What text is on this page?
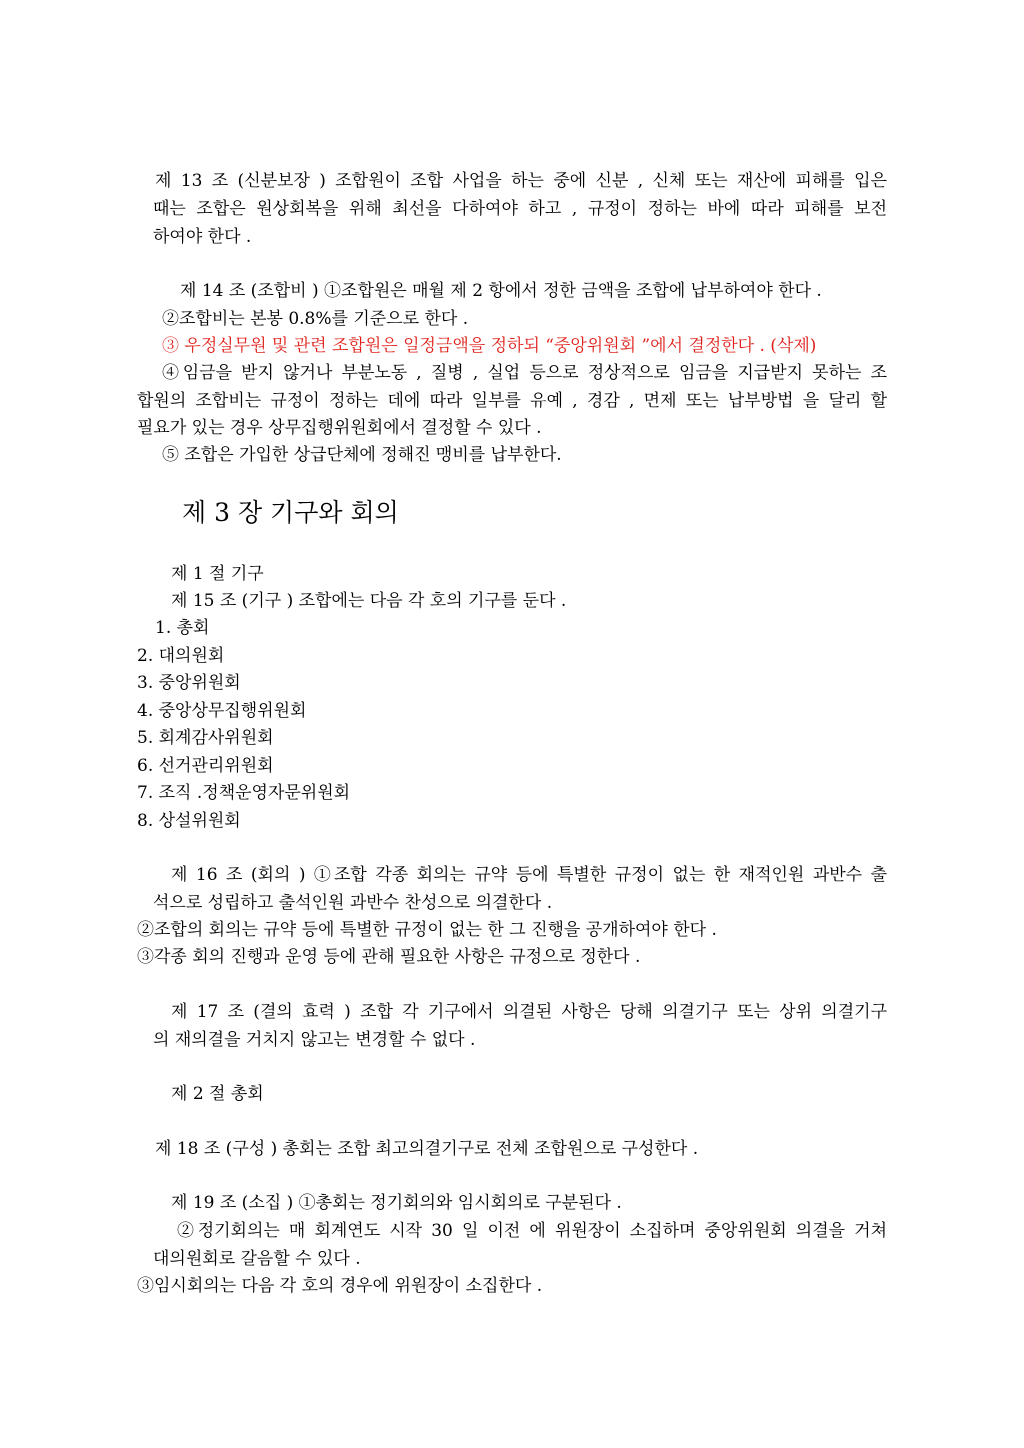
제 13 조 (신분보장 ) 조합원이 조합 사업을 하는 중에 신분 , 신체 또는 재산에 피해를 입은
때는 조합은 원상회복을 위해 최선을 다하여야 하고 , 규정이 정하는 바에 따라 피해를 보전
하여야 한다 .
제 14 조 (조합비 ) ①조합원은 매월 제 2 항에서 정한 금액을 조합에 납부하여야 한다 .
②조합비는 본봉 0.8%를 기준으로 한다 .
③ 우정실무원 및 관련 조합원은 일정금액을 정하되 “중앙위원회 ”에서 결정한다 . (삭제)
④임금을 받지 않거나 부분노동 , 질병 , 실업 등으로 정상적으로 임금을 지급받지 못하는 조
합원의 조합비는 규정이 정하는 데에 따라 일부를 유예 , 경감 , 면제 또는 납부방법 을 달리 할
필요가 있는 경우 상무집행위원회에서 결정할 수 있다 .
⑤ 조합은 가입한 상급단체에 정해진 맹비를 납부한다.
제 3 장 기구와 회의
제 1 절 기구
제 15 조 (기구 ) 조합에는 다음 각 호의 기구를 둔다 .
1. 총회
2. 대의원회
3. 중앙위원회
4. 중앙상무집행위원회
5. 회계감사위원회
6. 선거관리위원회
7. 조직 .정책운영자문위원회
8. 상설위원회
제 16 조 (회의 ) ①조합 각종 회의는 규약 등에 특별한 규정이 없는 한 재적인원 과반수 출
석으로 성립하고 출석인원 과반수 찬성으로 의결한다 .
②조합의 회의는 규약 등에 특별한 규정이 없는 한 그 진행을 공개하여야 한다 .
③각종 회의 진행과 운영 등에 관해 필요한 사항은 규정으로 정한다 .
제 17 조 (결의 효력 ) 조합 각 기구에서 의결된 사항은 당해 의결기구 또는 상위 의결기구
의 재의결을 거치지 않고는 변경할 수 없다 .
제 2 절 총회
제 18 조 (구성 ) 총회는 조합 최고의결기구로 전체 조합원으로 구성한다 .
제 19 조 (소집 ) ①총회는 정기회의와 임시회의로 구분된다 .
②정기회의는 매 회계연도 시작 30 일 이전 에 위원장이 소집하며 중앙위원회 의결을 거쳐
대의원회로 갈음할 수 있다 .
③임시회의는 다음 각 호의 경우에 위원장이 소집한다 .
